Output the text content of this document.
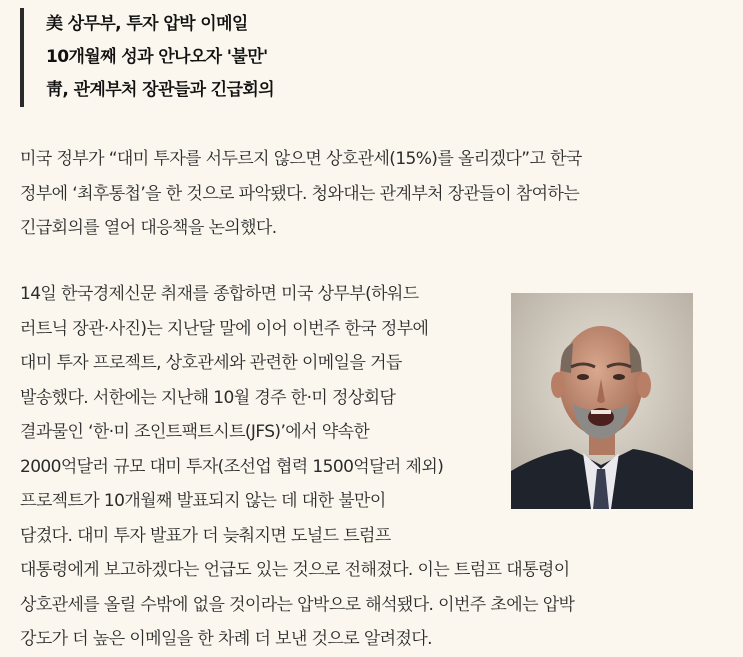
美 상무부, 투자 압박 이메일
10개월째 성과 안나오자 '불만'
靑, 관계부처 장관들과 긴급회의
미국 정부가 “대미 투자를 서두르지 않으면 상호관세(15%)를 올리겠다”고 한국
정부에 ‘최후통첩’을 한 것으로 파악됐다. 청와대는 관계부처 장관들이 참여하는
긴급회의를 열어 대응책을 논의했다.
14일 한국경제신문 취재를 종합하면 미국 상무부(하워드
러트닉 장관·사진)는 지난달 말에 이어 이번주 한국 정부에
대미 투자 프로젝트, 상호관세와 관련한 이메일을 거듭
발송했다. 서한에는 지난해 10월 경주 한·미 정상회담
결과물인 ‘한·미 조인트팩트시트(JFS)’에서 약속한
2000억달러 규모 대미 투자(조선업 협력 1500억달러 제외)
프로젝트가 10개월째 발표되지 않는 데 대한 불만이
담겼다. 대미 투자 발표가 더 늦춰지면 도널드 트럼프
대통령에게 보고하겠다는 언급도 있는 것으로 전해졌다. 이는 트럼프 대통령이
상호관세를 올릴 수밖에 없을 것이라는 압박으로 해석됐다. 이번주 초에는 압박
강도가 더 높은 이메일을 한 차례 더 보낸 것으로 알려졌다.
